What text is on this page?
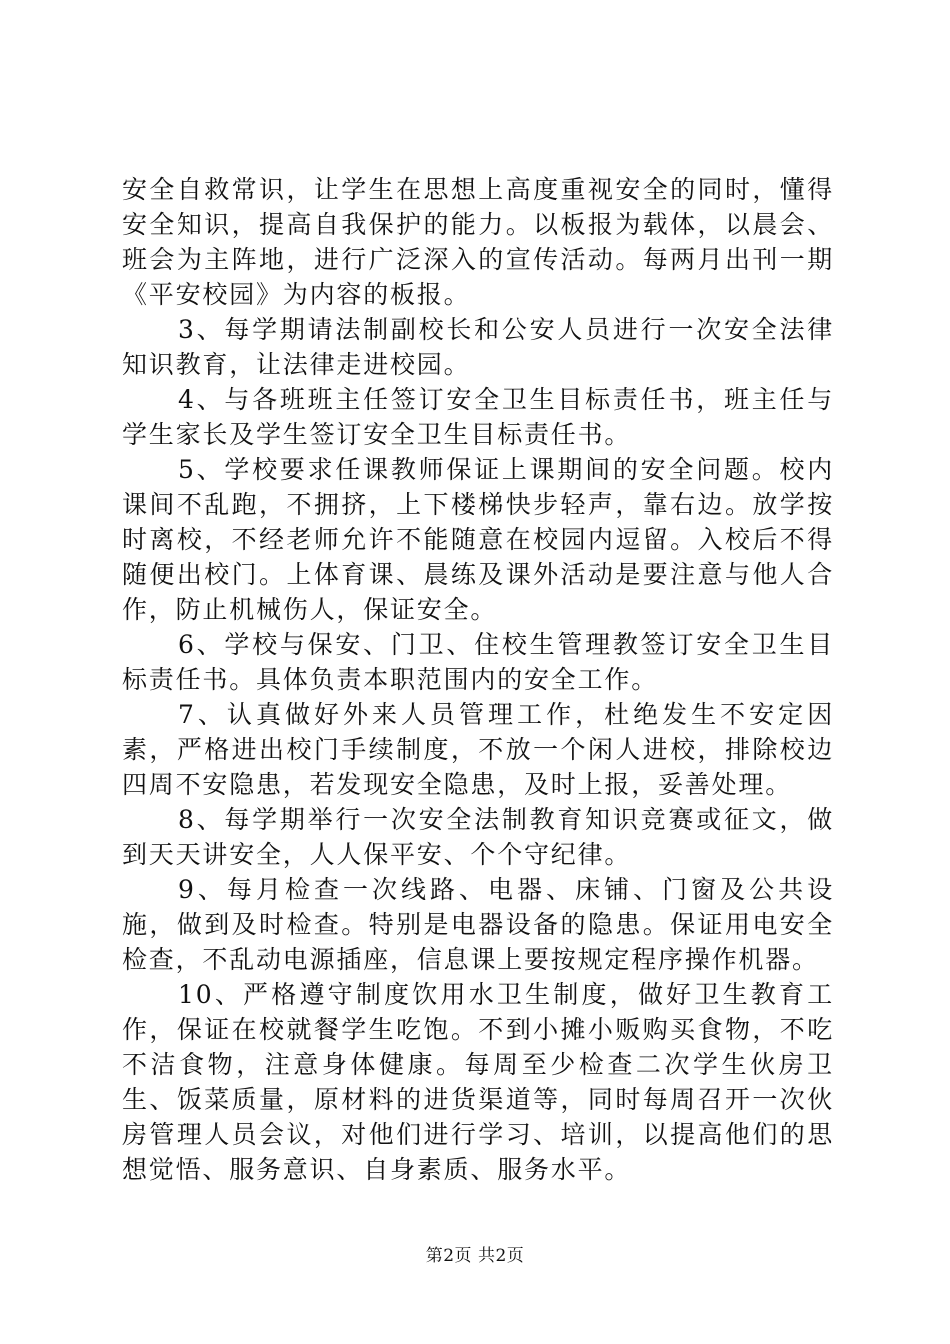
安全自救常识，让学生在思想上高度重视安全的同时，懂得安全知识，提高自我保护的能力。以板报为载体，以晨会、班会为主阵地，进行广泛深入的宣传活动。每两月出刊一期《平安校园》为内容的板报。

3、每学期请法制副校长和公安人员进行一次安全法律知识教育，让法律走进校园。

4、与各班班主任签订安全卫生目标责任书，班主任与学生家长及学生签订安全卫生目标责任书。

5、学校要求任课教师保证上课期间的安全问题。校内课间不乱跑，不拥挤，上下楼梯快步轻声，靠右边。放学按时离校，不经老师允许不能随意在校园内逗留。入校后不得随便出校门。上体育课、晨练及课外活动是要注意与他人合作，防止机械伤人，保证安全。

6、学校与保安、门卫、住校生管理教签订安全卫生目标责任书。具体负责本职范围内的安全工作。

7、认真做好外来人员管理工作，杜绝发生不安定因素，严格进出校门手续制度，不放一个闲人进校，排除校边四周不安隐患，若发现安全隐患，及时上报，妥善处理。

8、每学期举行一次安全法制教育知识竞赛或征文，做到天天讲安全，人人保平安、个个守纪律。

9、每月检查一次线路、电器、床铺、门窗及公共设施，做到及时检查。特别是电器设备的隐患。保证用电安全检查，不乱动电源插座，信息课上要按规定程序操作机器。

10、严格遵守制度饮用水卫生制度，做好卫生教育工作，保证在校就餐学生吃饱。不到小摊小贩购买食物，不吃不洁食物，注意身体健康。每周至少检查二次学生伙房卫生、饭菜质量，原材料的进货渠道等，同时每周召开一次伙房管理人员会议，对他们进行学习、培训，以提高他们的思想觉悟、服务意识、自身素质、服务水平。

第2页 共2页
